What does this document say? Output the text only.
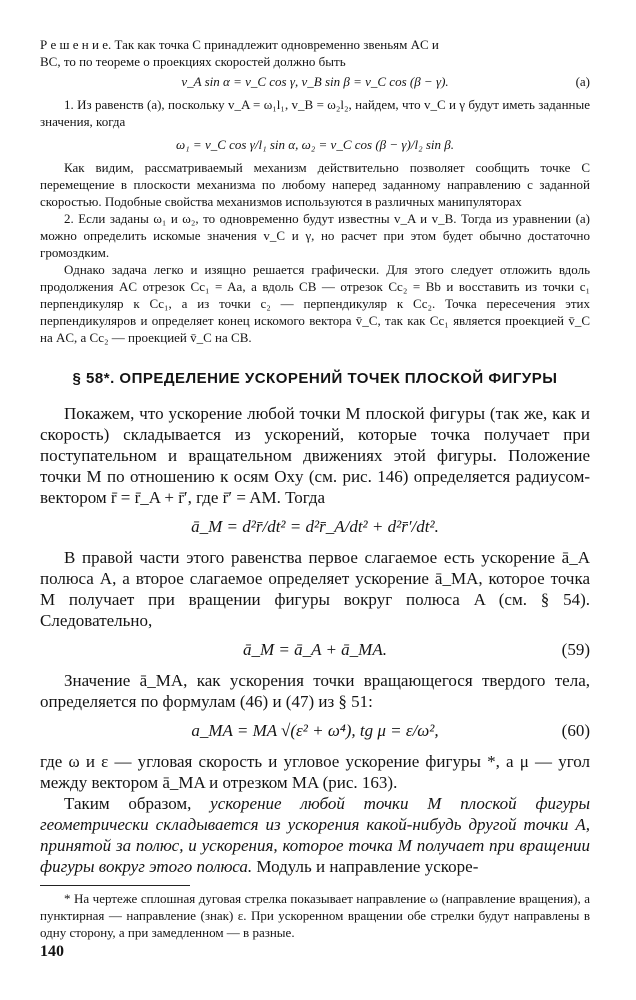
Р е ш е н и е. Так как точка C принадлежит одновременно звеньям AC и

BC, то по теореме о проекциях скоростей должно быть

v_A sin α = v_C cos γ, v_B sin β = v_C cos (β − γ).	(a)

1. Из равенств (а), поскольку v_A = ω₁l₁, v_B = ω₂l₂, найдем, что v_C и γ будут иметь заданные значения, когда

ω₁ = v_C cos γ/l₁ sin α, ω₂ = v_C cos (β − γ)/l₂ sin β.

Как видим, рассматриваемый механизм действительно позволяет сообщить точке C перемещение в плоскости механизма по любому наперед заданному направлению с заданной скоростью. Подобные свойства механизмов используются в различных манипуляторах

2. Если заданы ω₁ и ω₂, то одновременно будут известны v_A и v_B. Тогда из уравнении (а) можно определить искомые значения v_C и γ, но расчет при этом будет обычно достаточно громоздким.

Однако задача легко и изящно решается графически. Для этого следует отложить вдоль продолжения AC отрезок Cc₁ = Aa, а вдоль CB — отрезок Cc₂ = Bb и восставить из точки c₁ перпендикуляр к Cc₁, а из точки c₂ — перпендикуляр к Cc₂. Точка пересечения этих перпендикуляров и определяет конец искомого вектора v̄_C, так как Cc₁ является проекцией v̄_C на AC, а Cc₂ — проекцией v̄_C на CB.

§ 58*. ОПРЕДЕЛЕНИЕ УСКОРЕНИЙ ТОЧЕК ПЛОСКОЙ ФИГУРЫ

Покажем, что ускорение любой точки M плоской фигуры (так же, как и скорость) складывается из ускорений, которые точка получает при поступательном и вращательном движениях этой фигуры. Положение точки M по отношению к осям Oxy (см. рис. 146) определяется радиусом-вектором r̄ = r̄_A + r̄′, где r̄′ = AM. Тогда

ā_M = d²r̄/dt² = d²r̄_A/dt² + d²r̄′/dt².

В правой части этого равенства первое слагаемое есть ускорение ā_A полюса A, а второе слагаемое определяет ускорение ā_MA, которое точка M получает при вращении фигуры вокруг полюса A (см. § 54). Следовательно,

ā_M = ā_A + ā_MA.	(59)

Значение ā_MA, как ускорения точки вращающегося твердого тела, определяется по формулам (46) и (47) из § 51:

a_MA = MA √(ε² + ω⁴), tg μ = ε/ω²,	(60)

где ω и ε — угловая скорость и угловое ускорение фигуры *, а μ — угол между вектором ā_MA и отрезком MA (рис. 163).

Таким образом, ускорение любой точки M плоской фигуры геометрически складывается из ускорения какой-нибудь другой точки A, принятой за полюс, и ускорения, которое точка M получает при вращении фигуры вокруг этого полюса. Модуль и направление ускоре-

* На чертеже сплошная дуговая стрелка показывает направление ω (направление вращения), а пунктирная — направление (знак) ε. При ускоренном вращении обе стрелки будут направлены в одну сторону, а при замедленном — в разные.

140
